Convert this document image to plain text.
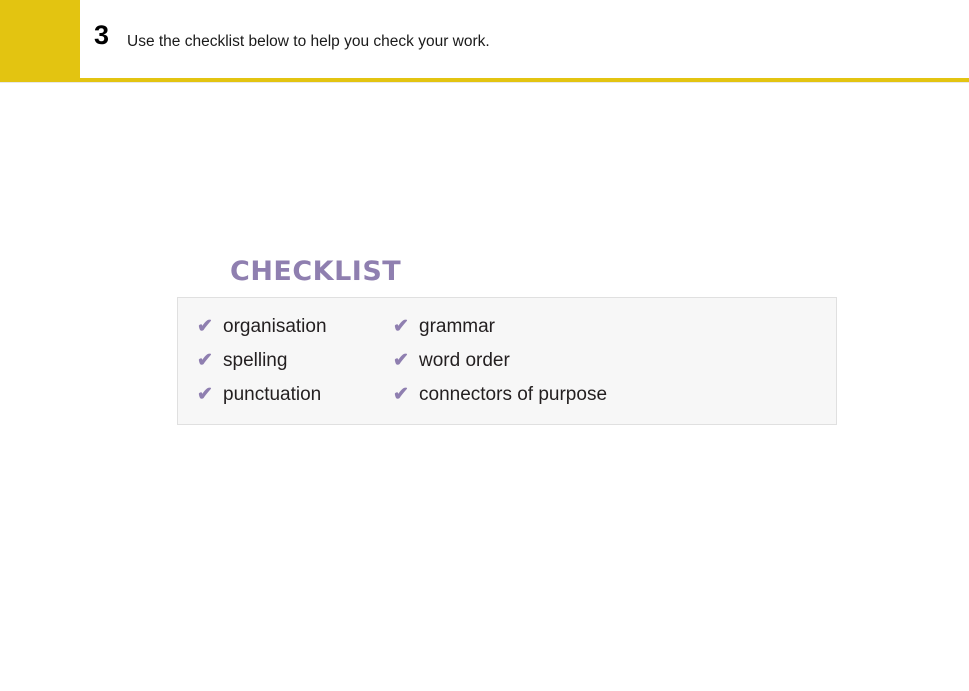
3 Use the checklist below to help you check your work.
CHECKLIST
✔ organisation
✔ spelling
✔ punctuation
✔ grammar
✔ word order
✔ connectors of purpose
